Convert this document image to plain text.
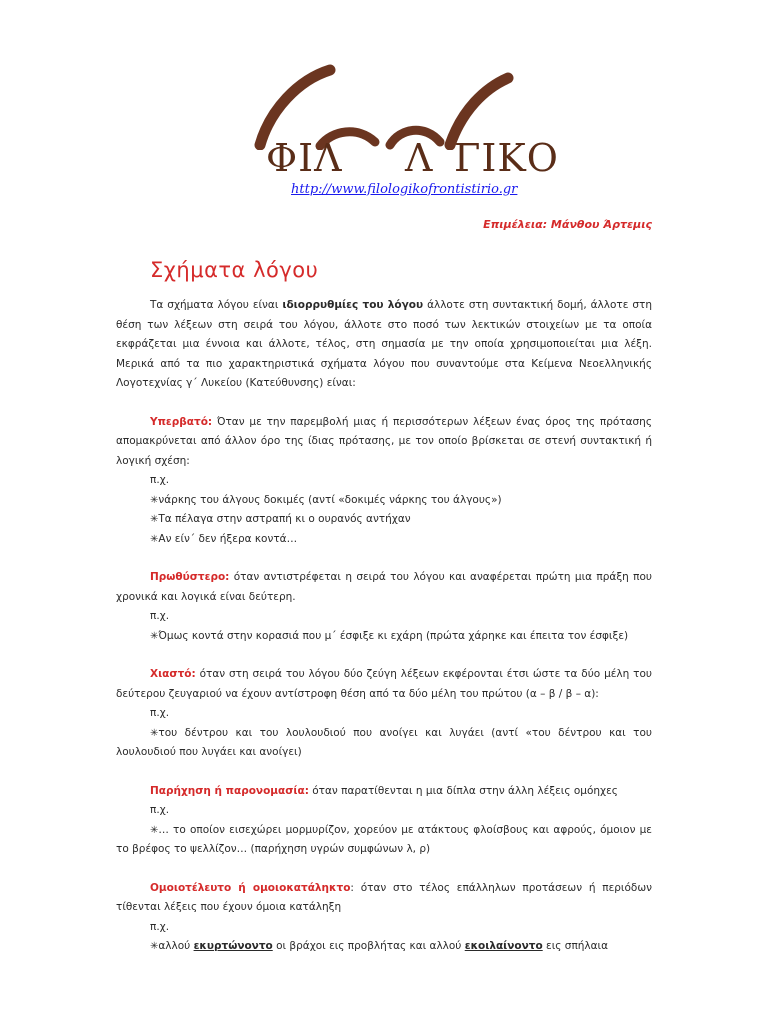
ΦΙΛ Λ ΓΙΚΟ
http://www.filologikofrontistirio.gr
Επιμέλεια: Μάνθου Άρτεμις
Σχήματα λόγου

Τα σχήματα λόγου είναι ιδιορρυθμίες του λόγου άλλοτε στη συντακτική δομή, άλλοτε στη θέση των λέξεων στη σειρά του λόγου, άλλοτε στο ποσό των λεκτικών στοιχείων με τα οποία εκφράζεται μια έννοια και άλλοτε, τέλος, στη σημασία με την οποία χρησιμοποιείται μια λέξη. Μερικά από τα πιο χαρακτηριστικά σχήματα λόγου που συναντούμε στα Κείμενα Νεοελληνικής Λογοτεχνίας γ΄ Λυκείου (Κατεύθυνσης) είναι:

Υπερβατό: Όταν με την παρεμβολή μιας ή περισσότερων λέξεων ένας όρος της πρότασης απομακρύνεται από άλλον όρο της ίδιας πρότασης, με τον οποίο βρίσκεται σε στενή συντακτική ή λογική σχέση:

π.χ.

✳νάρκης του άλγους δοκιμές (αντί «δοκιμές νάρκης του άλγους»)

✳Τα πέλαγα στην αστραπή κι ο ουρανός αντήχαν

✳Αν είν΄ δεν ήξερα κοντά…

Πρωθύστερο: όταν αντιστρέφεται η σειρά του λόγου και αναφέρεται πρώτη μια πράξη που χρονικά και λογικά είναι δεύτερη.

π.χ.

✳Όμως κοντά στην κορασιά που μ΄ έσφιξε κι εχάρη (πρώτα χάρηκε και έπειτα τον έσφιξε)

Χιαστό: όταν στη σειρά του λόγου δύο ζεύγη λέξεων εκφέρονται έτσι ώστε τα δύο μέλη του δεύτερου ζευγαριού να έχουν αντίστροφη θέση από τα δύο μέλη του πρώτου (α – β / β – α):

π.χ.

✳του δέντρου και του λουλουδιού που ανοίγει και λυγάει (αντί «του δέντρου και του λουλουδιού που λυγάει και ανοίγει)

Παρήχηση ή παρονομασία: όταν παρατίθενται η μια δίπλα στην άλλη λέξεις ομόηχες

π.χ.

✳… το οποίον εισεχώρει μορμυρίζον, χορεύον με ατάκτους φλοίσβους και αφρούς, όμοιον με το βρέφος το ψελλίζον… (παρήχηση υγρών συμφώνων λ, ρ)

Ομοιοτέλευτο ή ομοιοκατάληκτο: όταν στο τέλος επάλληλων προτάσεων ή περιόδων τίθενται λέξεις που έχουν όμοια κατάληξη

π.χ.

✳αλλού εκυρτώνοντο οι βράχοι εις προβλήτας και αλλού εκοιλαίνοντο εις σπήλαια
